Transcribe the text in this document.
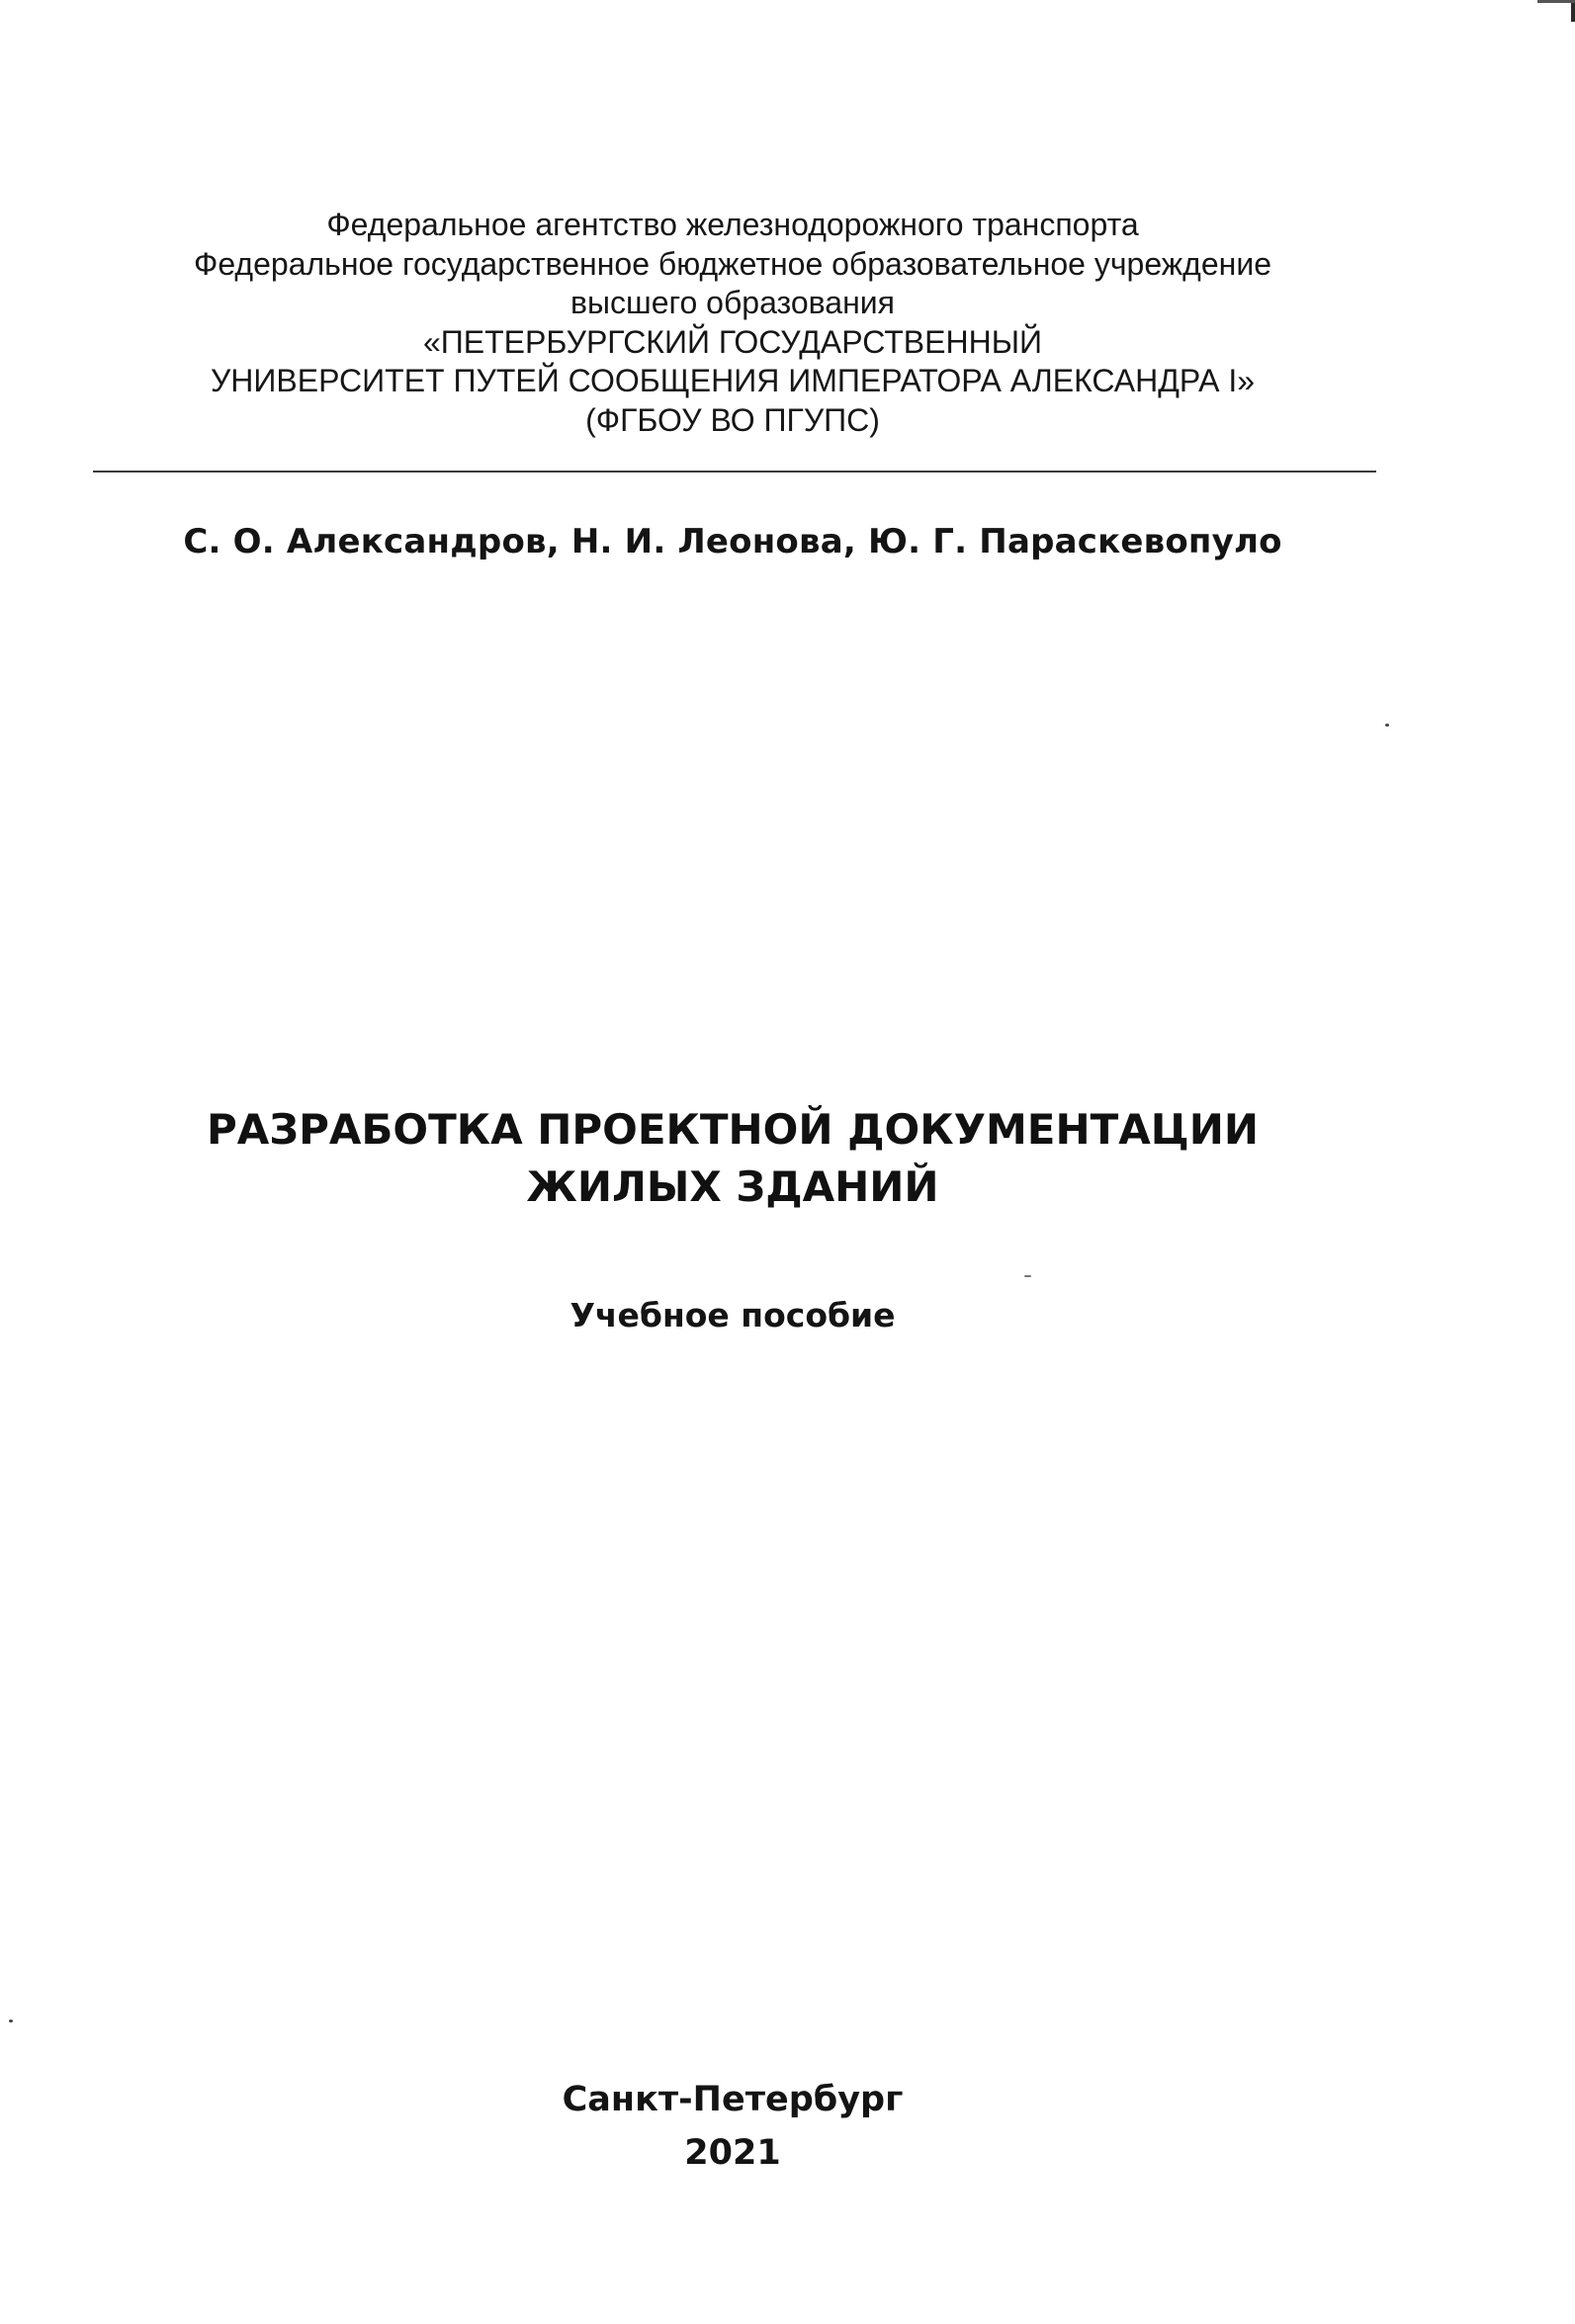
Федеральное агентство железнодорожного транспорта
Федеральное государственное бюджетное образовательное учреждение
высшего образования
«ПЕТЕРБУРГСКИЙ ГОСУДАРСТВЕННЫЙ
УНИВЕРСИТЕТ ПУТЕЙ СООБЩЕНИЯ ИМПЕРАТОРА АЛЕКСАНДРА I»
(ФГБОУ ВО ПГУПС)
С. О. Александров, Н. И. Леонова, Ю. Г. Параскевопуло
РАЗРАБОТКА ПРОЕКТНОЙ ДОКУМЕНТАЦИИ
ЖИЛЫХ ЗДАНИЙ
Учебное пособие
Санкт-Петербург
2021
